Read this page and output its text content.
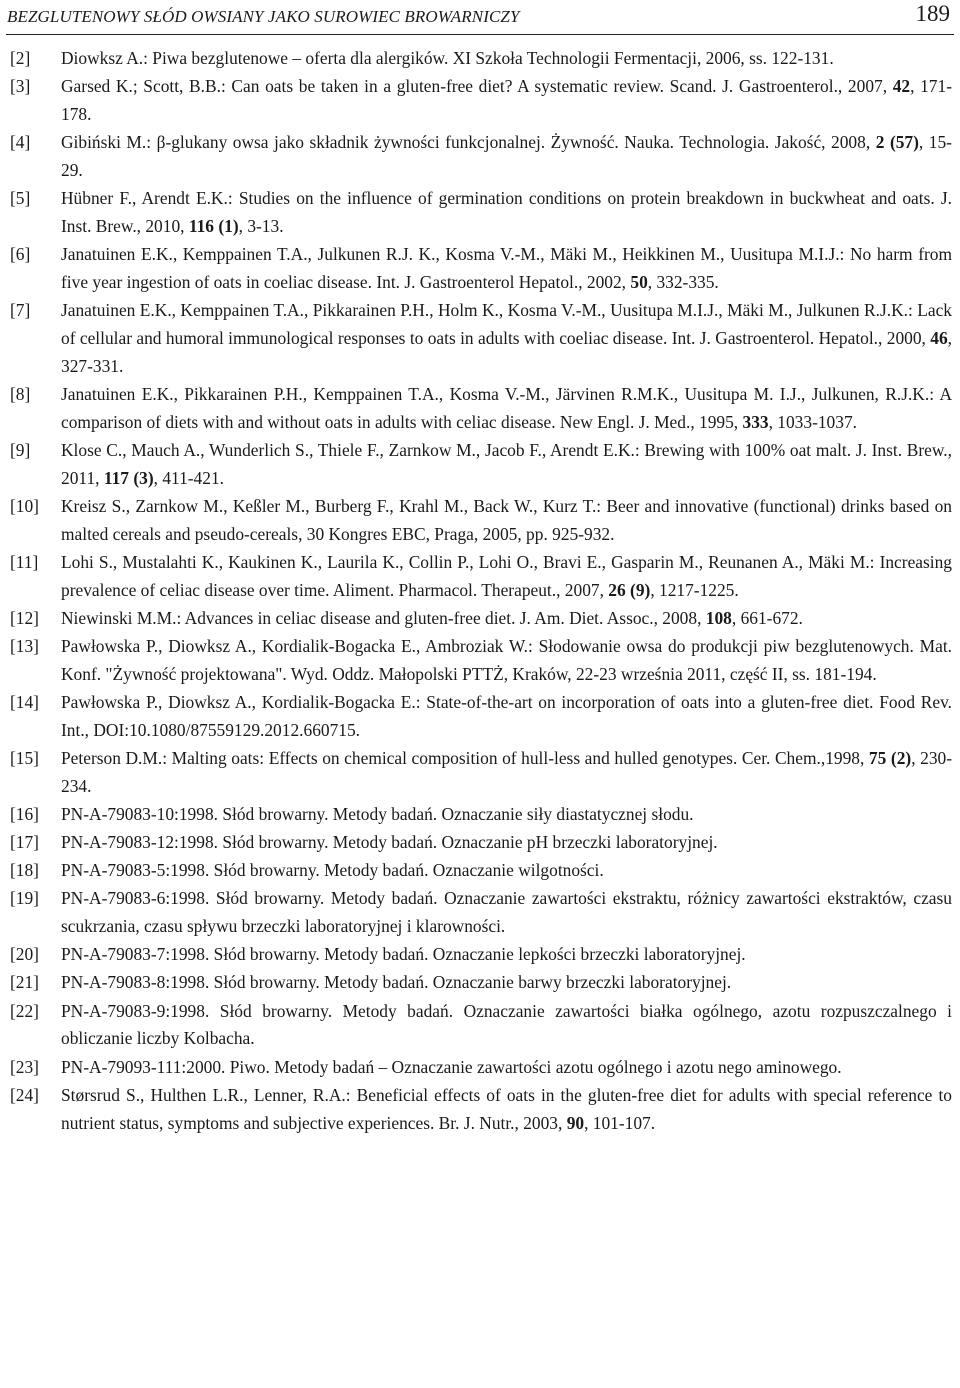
BEZGLUTENOWY SŁÓD OWSIANY JAKO SUROWIEC BROWARNICZY	189
[2] Diowksz A.: Piwa bezglutenowe – oferta dla alergików. XI Szkoła Technologii Fermentacji, 2006, ss. 122-131.
[3] Garsed K.; Scott, B.B.: Can oats be taken in a gluten-free diet? A systematic review. Scand. J. Gastroenterol., 2007, 42, 171-178.
[4] Gibiński M.: β-glukany owsa jako składnik żywności funkcjonalnej. Żywność. Nauka. Technologia. Jakość, 2008, 2 (57), 15-29.
[5] Hübner F., Arendt E.K.: Studies on the influence of germination conditions on protein breakdown in buckwheat and oats. J. Inst. Brew., 2010, 116 (1), 3-13.
[6] Janatuinen E.K., Kemppainen T.A., Julkunen R.J. K., Kosma V.-M., Mäki M., Heikkinen M., Uusitupa M.I.J.: No harm from five year ingestion of oats in coeliac disease. Int. J. Gastroenterol Hepatol., 2002, 50, 332-335.
[7] Janatuinen E.K., Kemppainen T.A., Pikkarainen P.H., Holm K., Kosma V.-M., Uusitupa M.I.J., Mäki M., Julkunen R.J.K.: Lack of cellular and humoral immunological responses to oats in adults with coeliac disease. Int. J. Gastroenterol. Hepatol., 2000, 46, 327-331.
[8] Janatuinen E.K., Pikkarainen P.H., Kemppainen T.A., Kosma V.-M., Järvinen R.M.K., Uusitupa M. I.J., Julkunen, R.J.K.: A comparison of diets with and without oats in adults with celiac disease. New Engl. J. Med., 1995, 333, 1033-1037.
[9] Klose C., Mauch A., Wunderlich S., Thiele F., Zarnkow M., Jacob F., Arendt E.K.: Brewing with 100% oat malt. J. Inst. Brew., 2011, 117 (3), 411-421.
[10] Kreisz S., Zarnkow M., Keßler M., Burberg F., Krahl M., Back W., Kurz T.: Beer and innovative (functional) drinks based on malted cereals and pseudo-cereals, 30 Kongres EBC, Praga, 2005, pp. 925-932.
[11] Lohi S., Mustalahti K., Kaukinen K., Laurila K., Collin P., Lohi O., Bravi E., Gasparin M., Reunanen A., Mäki M.: Increasing prevalence of celiac disease over time. Aliment. Pharmacol. Therapeut., 2007, 26 (9), 1217-1225.
[12] Niewinski M.M.: Advances in celiac disease and gluten-free diet. J. Am. Diet. Assoc., 2008, 108, 661-672.
[13] Pawłowska P., Diowksz A., Kordialik-Bogacka E., Ambroziak W.: Słodowanie owsa do produkcji piw bezglutenowych. Mat. Konf. "Żywność projektowana". Wyd. Oddz. Małopolski PTTŻ, Kraków, 22-23 września 2011, część II, ss. 181-194.
[14] Pawłowska P., Diowksz A., Kordialik-Bogacka E.: State-of-the-art on incorporation of oats into a gluten-free diet. Food Rev. Int., DOI:10.1080/87559129.2012.660715.
[15] Peterson D.M.: Malting oats: Effects on chemical composition of hull-less and hulled genotypes. Cer. Chem.,1998, 75 (2), 230-234.
[16] PN-A-79083-10:1998. Słód browarny. Metody badań. Oznaczanie siły diastatycznej słodu.
[17] PN-A-79083-12:1998. Słód browarny. Metody badań. Oznaczanie pH brzeczki laboratoryjnej.
[18] PN-A-79083-5:1998. Słód browarny. Metody badań. Oznaczanie wilgotności.
[19] PN-A-79083-6:1998. Słód browarny. Metody badań. Oznaczanie zawartości ekstraktu, różnicy zawartości ekstraktów, czasu scukrzania, czasu spływu brzeczki laboratoryjnej i klarowności.
[20] PN-A-79083-7:1998. Słód browarny. Metody badań. Oznaczanie lepkości brzeczki laboratoryjnej.
[21] PN-A-79083-8:1998. Słód browarny. Metody badań. Oznaczanie barwy brzeczki laboratoryjnej.
[22] PN-A-79083-9:1998. Słód browarny. Metody badań. Oznaczanie zawartości białka ogólnego, azotu rozpuszczalnego i obliczanie liczby Kolbacha.
[23] PN-A-79093-111:2000. Piwo. Metody badań – Oznaczanie zawartości azotu ogólnego i azotu nego aminowego.
[24] Størsrud S., Hulthen L.R., Lenner, R.A.: Beneficial effects of oats in the gluten-free diet for adults with special reference to nutrient status, symptoms and subjective experiences. Br. J. Nutr., 2003, 90, 101-107.
